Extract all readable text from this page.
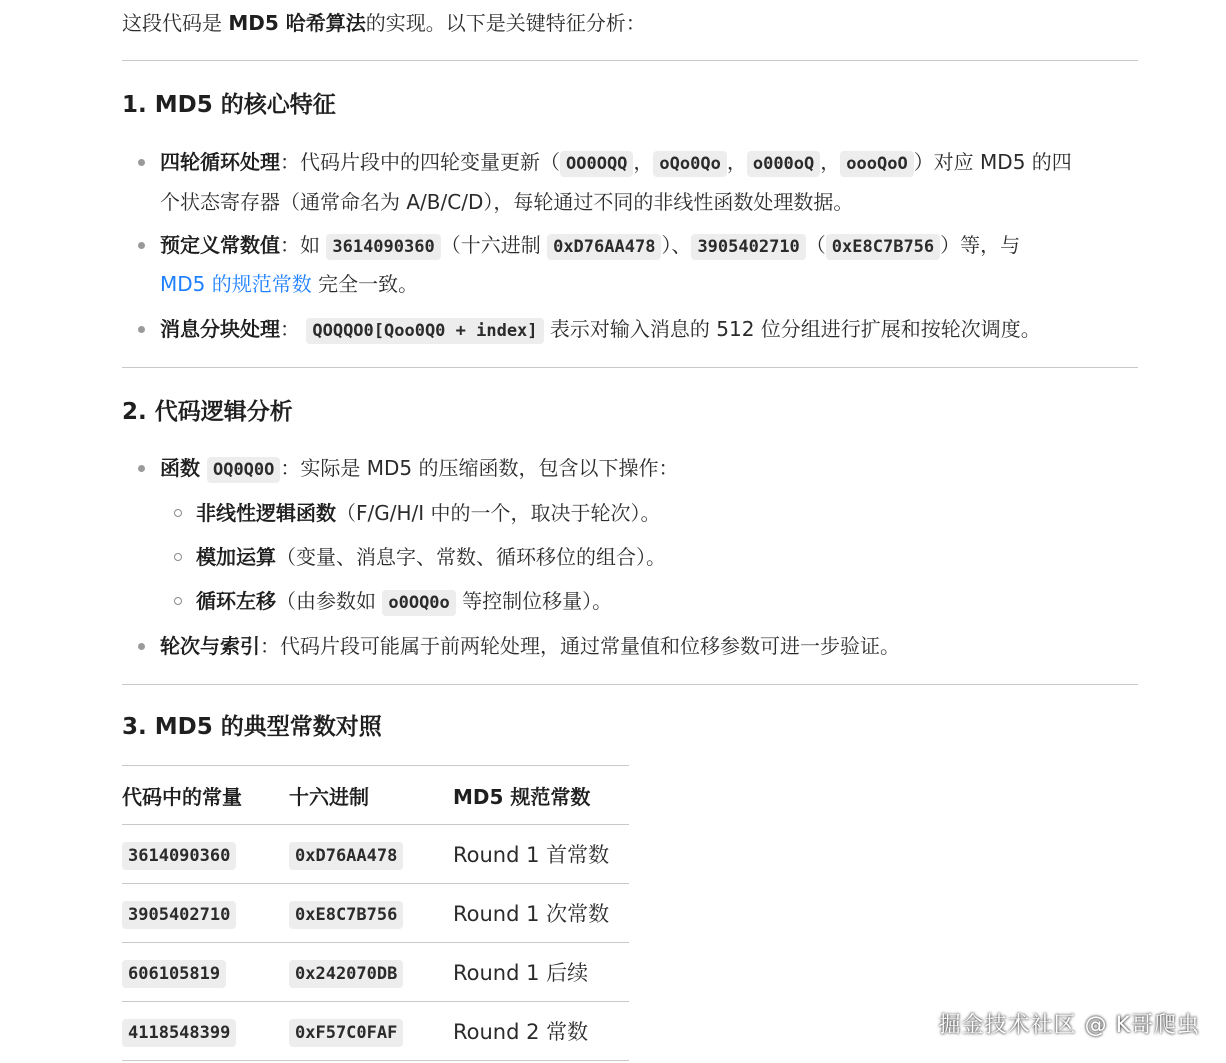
这段代码是 MD5 哈希算法的实现。以下是关键特征分析：
1. MD5 的核心特征
四轮循环处理：代码片段中的四轮变量更新（ OO0OQQ ， oQo0Qo ， o000oQ ， oooQoO ）对应 MD5 的四
个状态寄存器（通常命名为 A/B/C/D），每轮通过不同的非线性函数处理数据。
预定义常数值：如 3614090360 （十六进制 0xD76AA478 ）、 3905402710 （ 0xE8C7B756 ）等，与
MD5 的规范常数 完全一致。
消息分块处理： QOQQO0[Qoo0Q0 + index] 表示对输入消息的 512 位分组进行扩展和按轮次调度。
2. 代码逻辑分析
函数 OQ0Q0O ：实际是 MD5 的压缩函数，包含以下操作：
非线性逻辑函数（F/G/H/I 中的一个，取决于轮次）。
模加运算（变量、消息字、常数、循环移位的组合）。
循环左移（由参数如 o0OQ0o 等控制位移量）。
轮次与索引：代码片段可能属于前两轮处理，通过常量值和位移参数可进一步验证。
3. MD5 的典型常数对照
代码中的常量	十六进制	MD5 规范常数
3614090360	0xD76AA478	Round 1 首常数
3905402710	0xE8C7B756	Round 1 次常数
606105819	0x242070DB	Round 1 后续
4118548399	0xF57C0FAF	Round 2 常数	掘金技术社区 @ K哥爬虫
